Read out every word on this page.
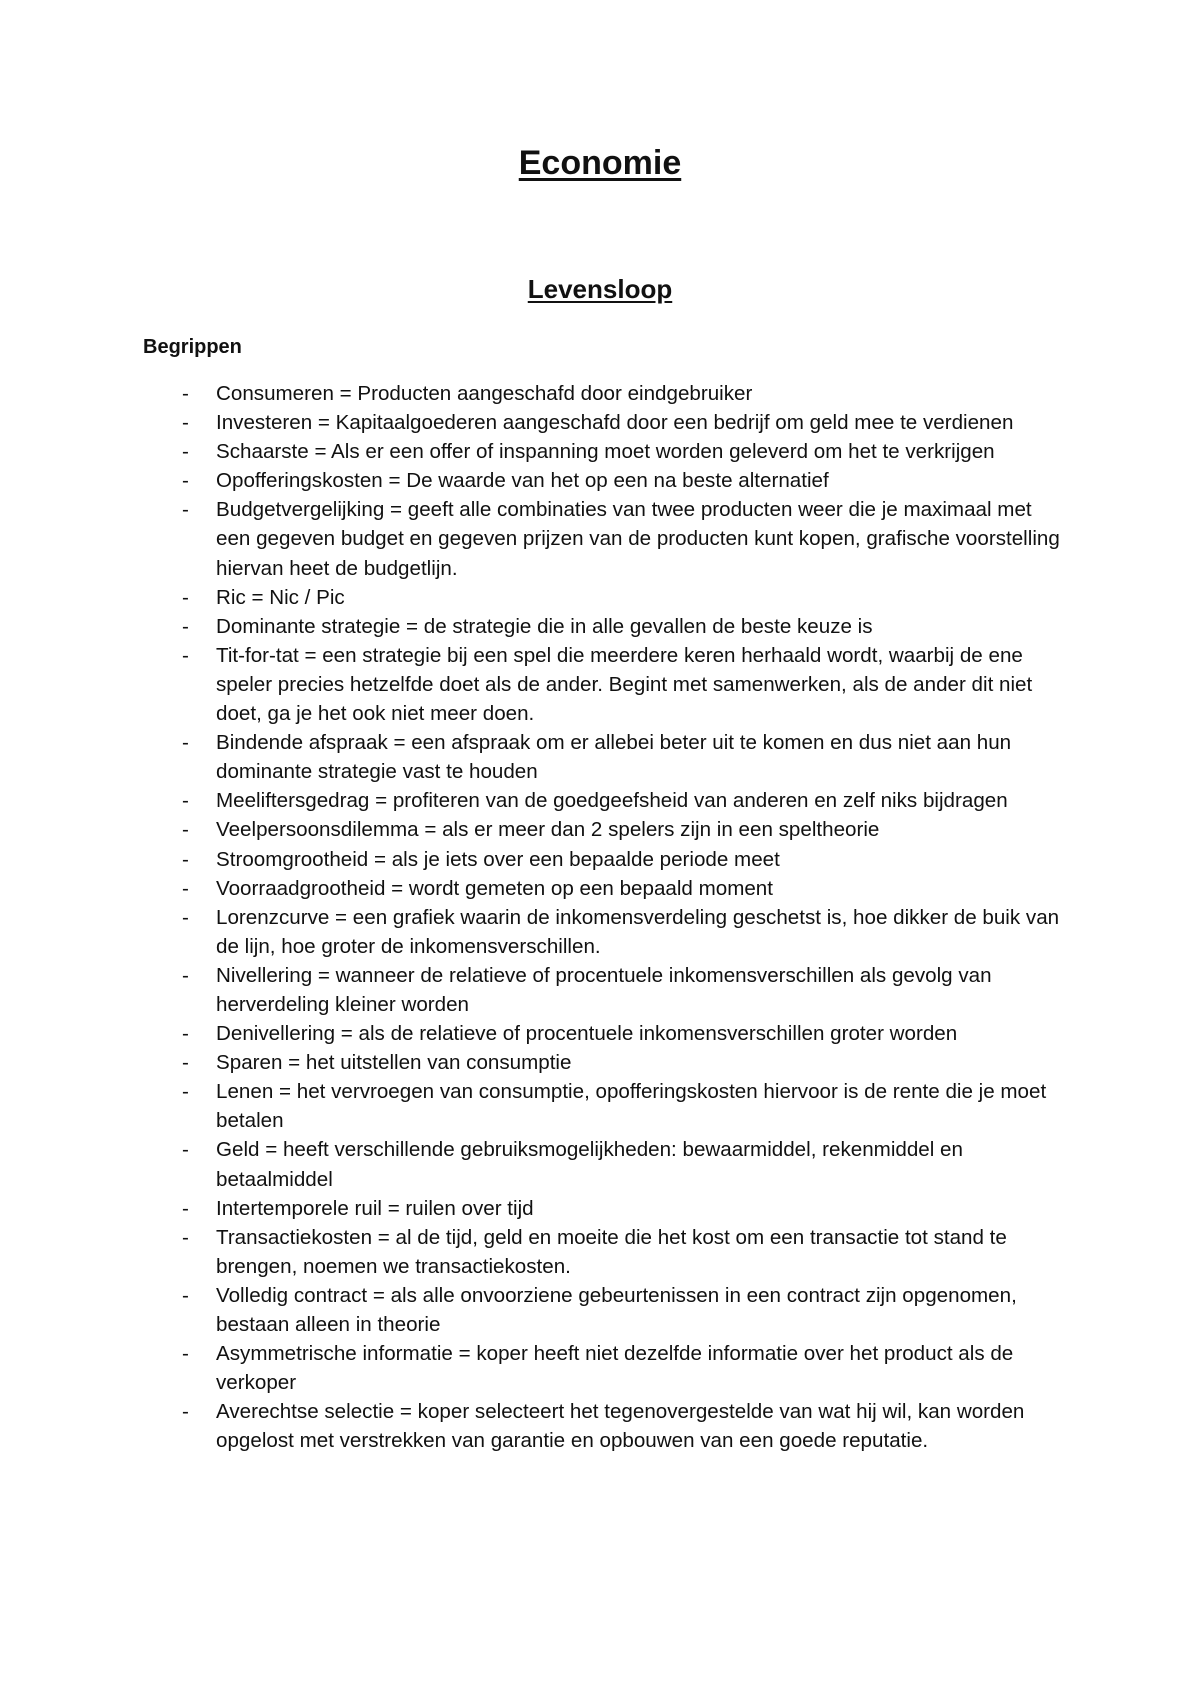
Economie
Levensloop
Begrippen
- Consumeren = Producten aangeschafd door eindgebruiker
- Investeren = Kapitaalgoederen aangeschafd door een bedrijf om geld mee te verdienen
- Schaarste = Als er een offer of inspanning moet worden geleverd om het te verkrijgen
- Opofferingskosten = De waarde van het op een na beste alternatief
- Budgetvergelijking = geeft alle combinaties van twee producten weer die je maximaal met een gegeven budget en gegeven prijzen van de producten kunt kopen, grafische voorstelling hiervan heet de budgetlijn.
- Ric = Nic / Pic
- Dominante strategie = de strategie die in alle gevallen de beste keuze is
- Tit-for-tat = een strategie bij een spel die meerdere keren herhaald wordt, waarbij de ene speler precies hetzelfde doet als de ander. Begint met samenwerken, als de ander dit niet doet, ga je het ook niet meer doen.
- Bindende afspraak = een afspraak om er allebei beter uit te komen en dus niet aan hun dominante strategie vast te houden
- Meeliftersgedrag = profiteren van de goedgeefsheid van anderen en zelf niks bijdragen
- Veelpersoonsdilemma = als er meer dan 2 spelers zijn in een speltheorie
- Stroomgrootheid = als je iets over een bepaalde periode meet
- Voorraadgrootheid = wordt gemeten op een bepaald moment
- Lorenzcurve = een grafiek waarin de inkomensverdeling geschetst is, hoe dikker de buik van de lijn, hoe groter de inkomensverschillen.
- Nivellering = wanneer de relatieve of procentuele inkomensverschillen als gevolg van herverdeling kleiner worden
- Denivellering = als de relatieve of procentuele inkomensverschillen groter worden
- Sparen = het uitstellen van consumptie
- Lenen = het vervroegen van consumptie, opofferingskosten hiervoor is de rente die je moet betalen
- Geld = heeft verschillende gebruiksmogelijkheden: bewaarmiddel, rekenmiddel en betaalmiddel
- Intertemporele ruil = ruilen over tijd
- Transactiekosten = al de tijd, geld en moeite die het kost om een transactie tot stand te brengen, noemen we transactiekosten.
- Volledig contract = als alle onvoorziene gebeurtenissen in een contract zijn opgenomen, bestaan alleen in theorie
- Asymmetrische informatie = koper heeft niet dezelfde informatie over het product als de verkoper
- Averechtse selectie = koper selecteert het tegenovergestelde van wat hij wil, kan worden opgelost met verstrekken van garantie en opbouwen van een goede reputatie.
